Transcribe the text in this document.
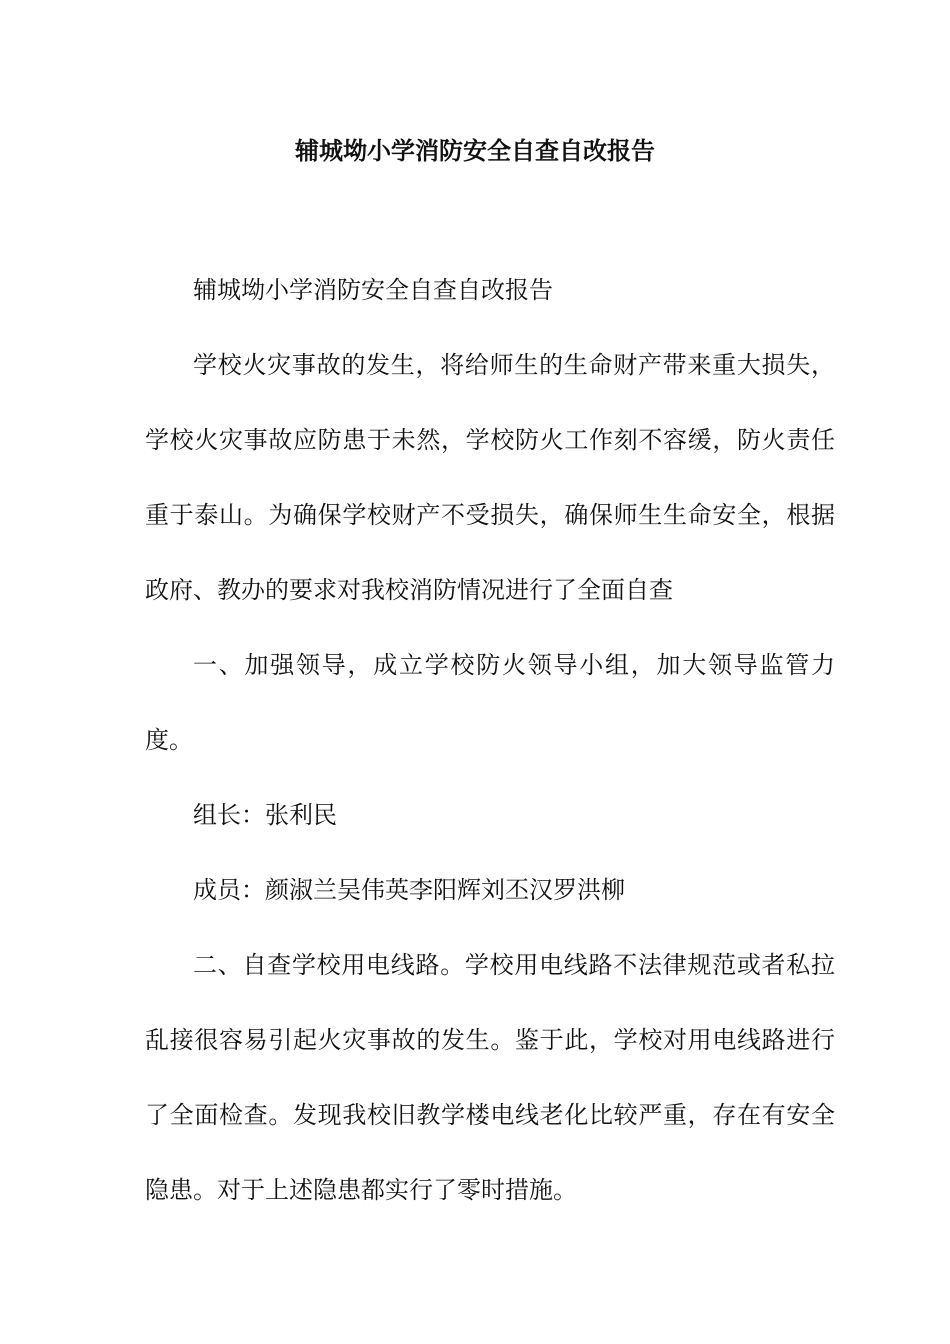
辅城坳小学消防安全自查自改报告

辅城坳小学消防安全自查自改报告

学校火灾事故的发生，将给师生的生命财产带来重大损失，学校火灾事故应防患于未然，学校防火工作刻不容缓，防火责任重于泰山。为确保学校财产不受损失，确保师生生命安全，根据政府、教办的要求对我校消防情况进行了全面自查

一、加强领导，成立学校防火领导小组，加大领导监管力度。

组长：张利民

成员：颜淑兰吴伟英李阳辉刘丕汉罗洪柳

二、自查学校用电线路。学校用电线路不法律规范或者私拉乱接很容易引起火灾事故的发生。鉴于此，学校对用电线路进行了全面检查。发现我校旧教学楼电线老化比较严重，存在有安全隐患。对于上述隐患都实行了零时措施。
